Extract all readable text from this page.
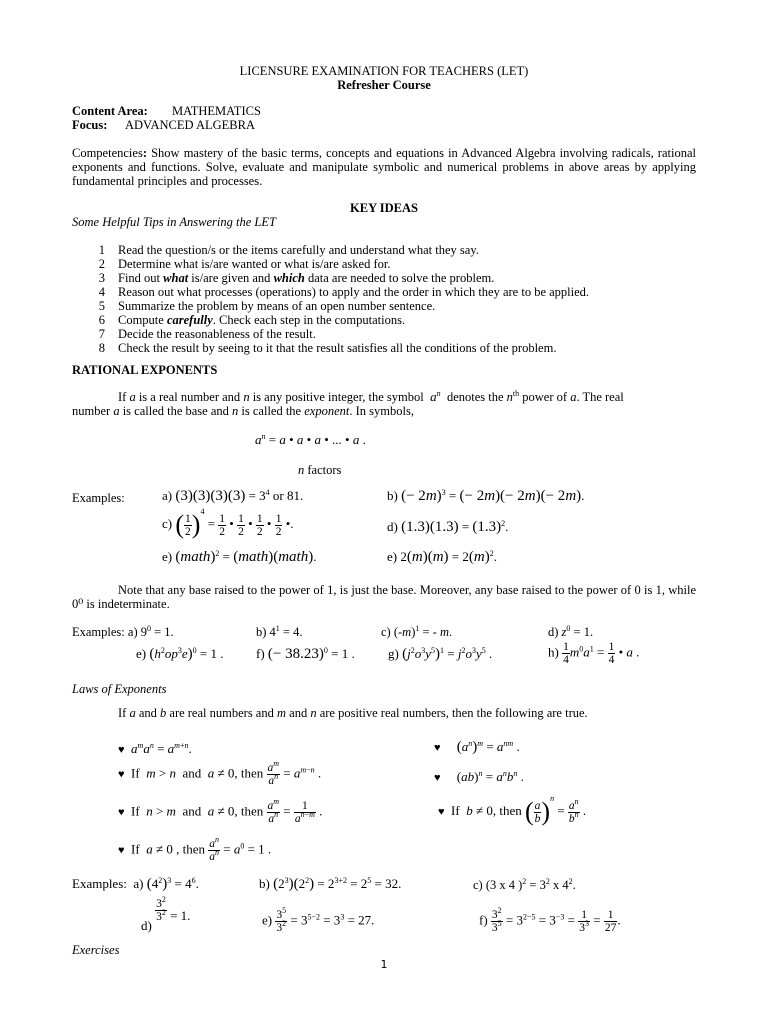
LICENSURE EXAMINATION FOR TEACHERS (LET)
Refresher Course
Content Area: MATHEMATICS
Focus: ADVANCED ALGEBRA
Competencies: Show mastery of the basic terms, concepts and equations in Advanced Algebra involving radicals, rational exponents and functions. Solve, evaluate and manipulate symbolic and numerical problems in above areas by applying fundamental principles and processes.
KEY IDEAS
Some Helpful Tips in Answering the LET
1 Read the question/s or the items carefully and understand what they say.
2 Determine what is/are wanted or what is/are asked for.
3 Find out what is/are given and which data are needed to solve the problem.
4 Reason out what processes (operations) to apply and the order in which they are to be applied.
5 Summarize the problem by means of an open number sentence.
6 Compute carefully. Check each step in the computations.
7 Decide the reasonableness of the result.
8 Check the result by seeing to it that the result satisfies all the conditions of the problem.
RATIONAL EXPONENTS
If a is a real number and n is any positive integer, the symbol  $a^n$  denotes the $n^{th}$ power of a. The real
number a is called the base and n is called the exponent. In symbols,
$a^n = a$ • a • a • ... • a .
n factors
Examples:	a) $(3)(3)(3)(3) = 3^4$ or 81.	b) (− 2m)$^3$ = (− 2m)(− 2m)(− 2m).
c) ( $\frac{1}{2} )^4 = \frac{1}{2}$ • $\frac{1}{2}$ • $\frac{1}{2}$ • $\frac{1}{2}$ •.	d) $(1.3)(1.3) = (1.3)^2$.
e) (math)$^2$ = (math)(math).	e) $2(m)(m) = 2(m)^2$.
Note that any base raised to the power of 1, is just the base. Moreover, any base raised to the power of 0 is 1, while 0⁰ is indeterminate.
Examples: a) $9^0 = 1$.	b) $4^1 = 4$.	c) $(-m)^1$ = - m.	d) $z^0 = 1$.
e) $(h^2op^3e)^0 = 1$ .	f) (− 38.23)$^0$ = 1 .	g) $(j^2o^3y^5)^1 = j^2o^3y^5$ .	$h) \frac{1}{4} m^0a^1 = \frac{1}{4}$ • a .
Laws of Exponents
If a and b are real numbers and m and n are positive real numbers, then the following are true.
♥ $a^ma^n = a^{m+n}$.	♥ $(a^n)^m = a^{nm}$ .
♥  If  m > n  and  a ≠ 0, then $\frac{a^m}{a^n} = a^{m-n}$ .	♥     $(ab)^n = a^nb^n$ .
♥  If  n > m  and  a ≠ 0, then $\frac{a^m}{a^n} = \frac{1}{a^{n-m}}$ .	♥  If  b ≠ 0, then ( $\frac{a}{b} )^n = \frac{a^n}{b^n}$ .
♥  If  a ≠ 0 , then $\frac{a^n}{a^n} = a^0 = 1$ .
Examples: a) $(4^2)^3 = 4^6$.	b) $(2^3)(2^2) = 2^{3+2} = 2^5 = 32$.	c) (3 x 4 )$^2 = 3^2$ x $4^2$.
d)
$\frac{3^2}{3^2} = 1$.	$e) \frac{3^5}{3^2} = 3^{5-2} = 3^3 = 27$.	$f) \frac{3^2}{3^5} = 3^{2-5} = 3^{-3} = \frac{1}{3^3} = \frac{1}{27}$ .
Exercises
1
